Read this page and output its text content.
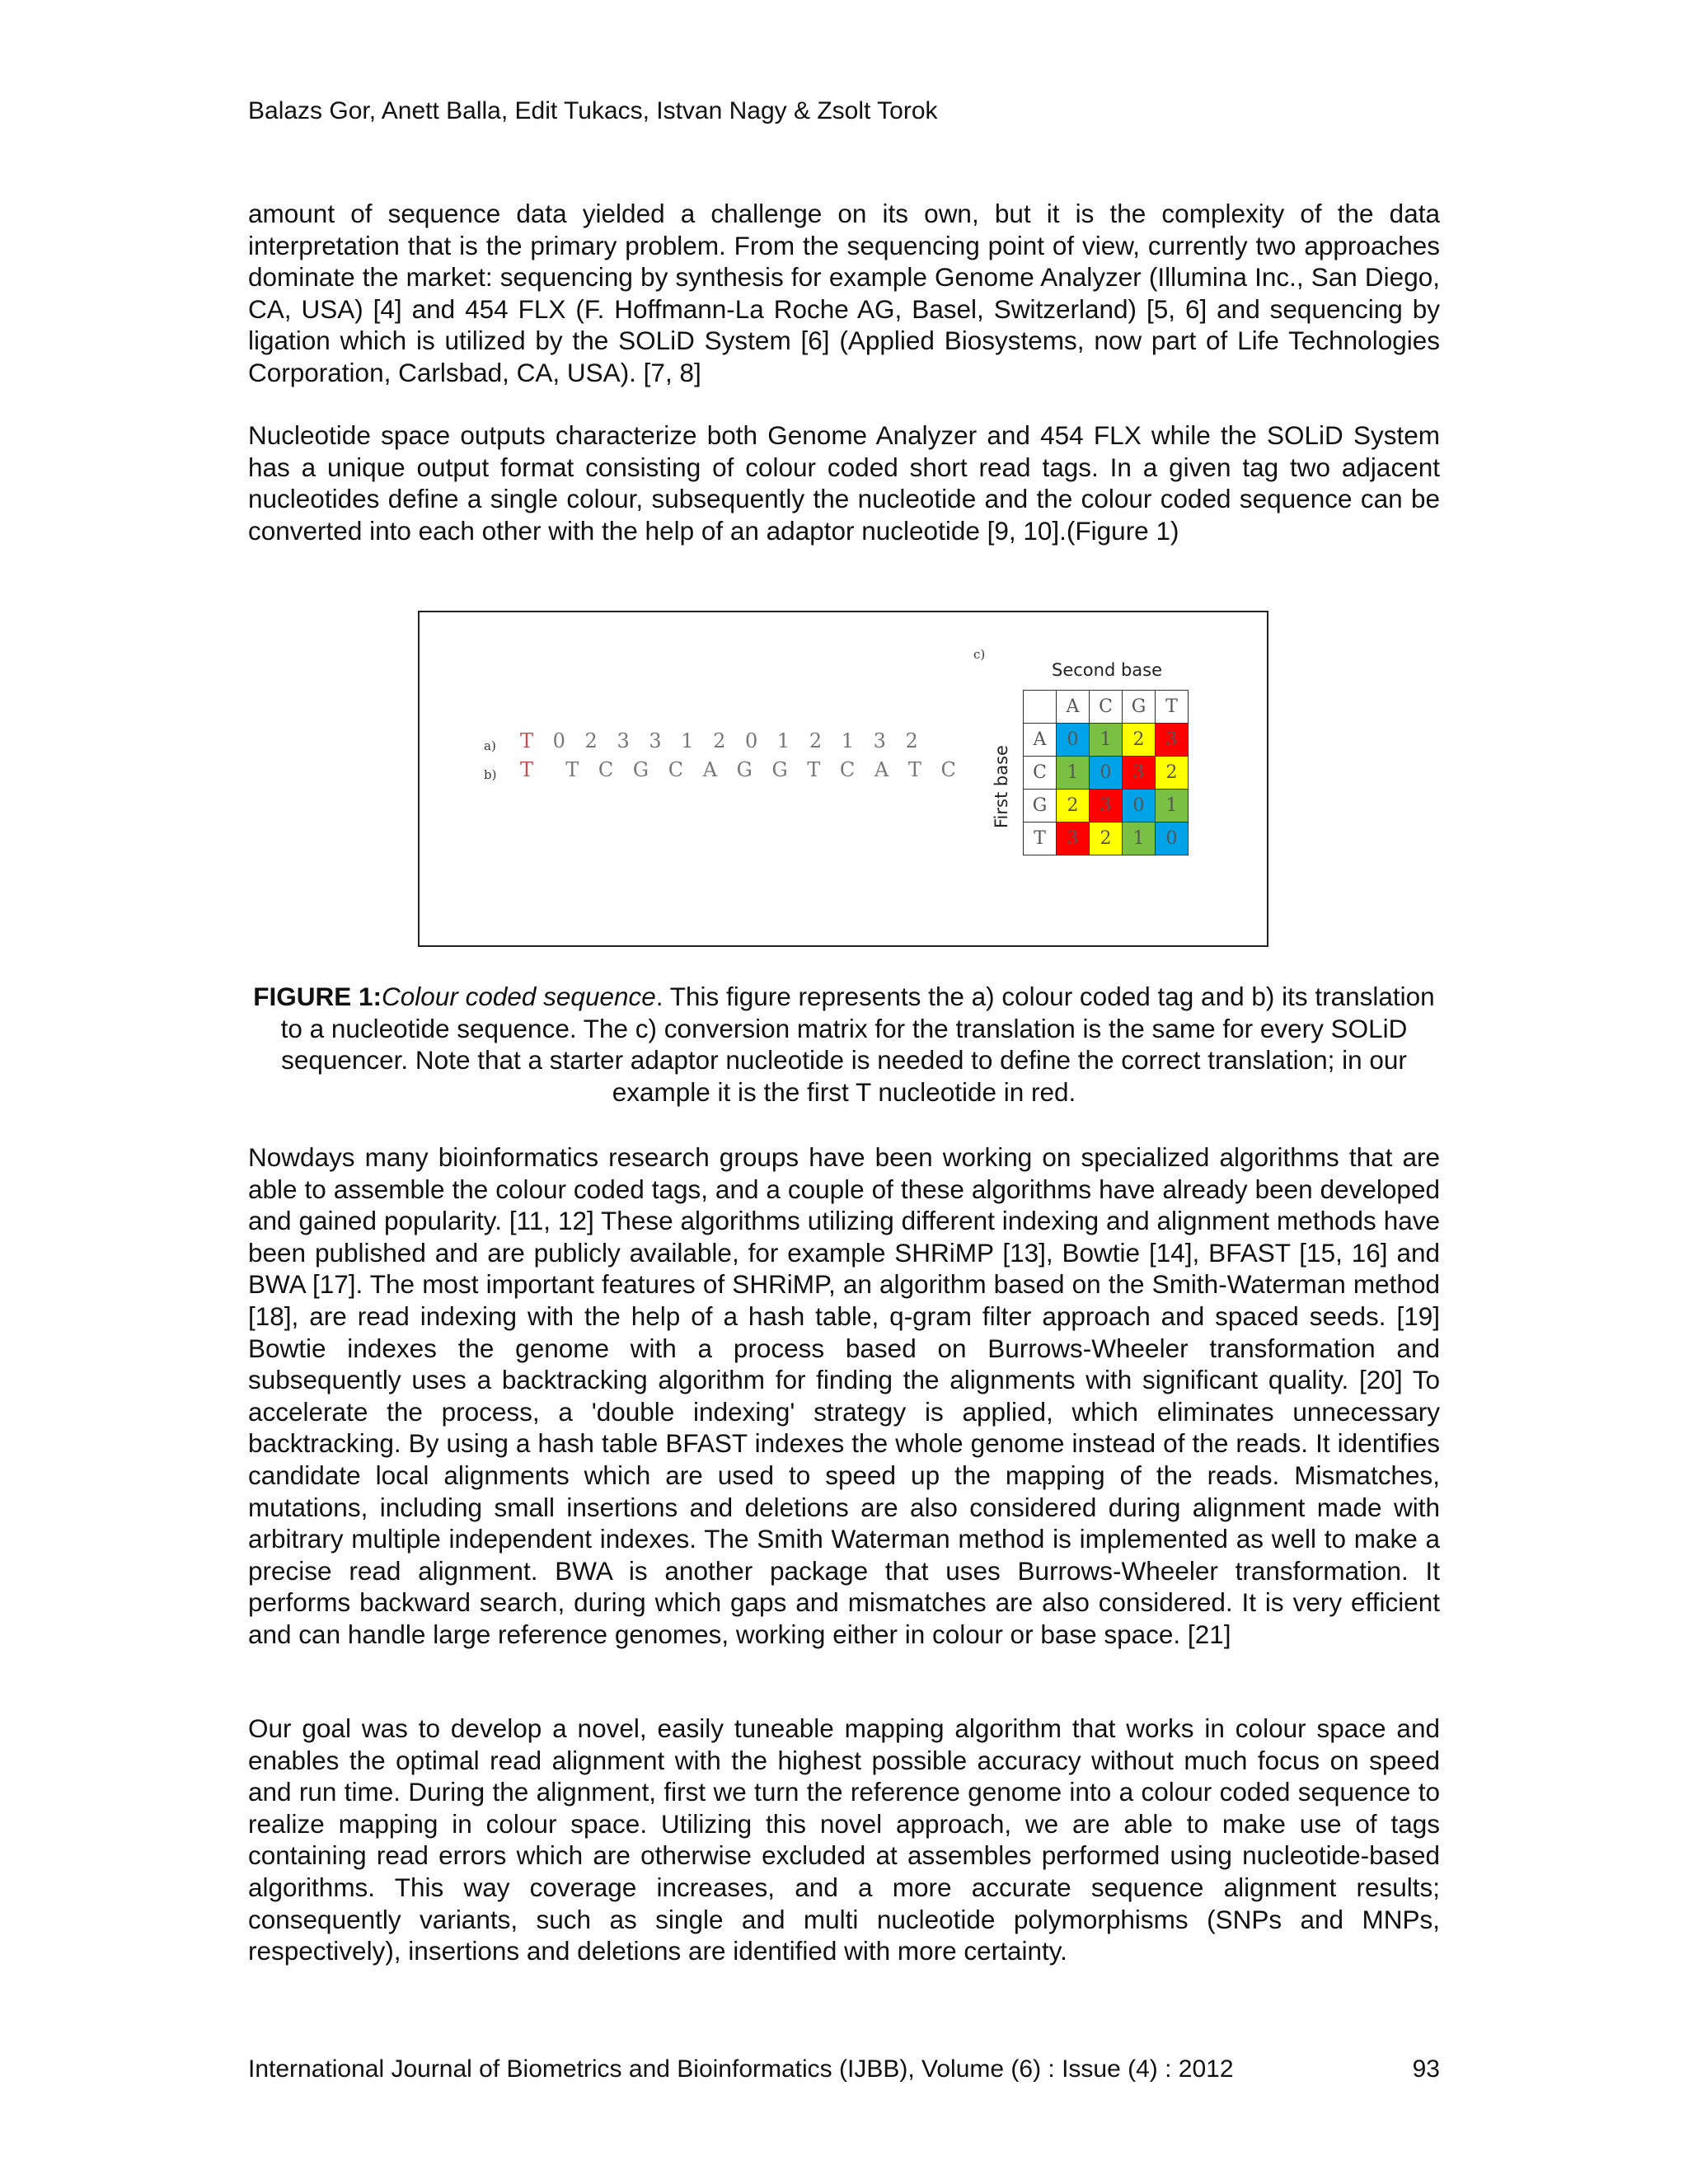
Balazs Gor, Anett Balla, Edit Tukacs, Istvan Nagy & Zsolt Torok

amount of sequence data yielded a challenge on its own, but it is the complexity of the data interpretation that is the primary problem. From the sequencing point of view, currently two approaches dominate the market: sequencing by synthesis for example Genome Analyzer (Illumina Inc., San Diego, CA, USA) [4] and 454 FLX (F. Hoffmann-La Roche AG, Basel, Switzerland) [5, 6] and sequencing by ligation which is utilized by the SOLiD System [6] (Applied Biosystems, now part of Life Technologies Corporation, Carlsbad, CA, USA). [7, 8]

Nucleotide space outputs characterize both Genome Analyzer and 454 FLX while the SOLiD System has a unique output format consisting of colour coded short read tags. In a given tag two adjacent nucleotides define a single colour, subsequently the nucleotide and the colour coded sequence can be converted into each other with the help of an adaptor nucleotide [9, 10].(Figure 1)

a) T 0 2 3 3 1 2 0 1 2 1 3 2
b) T  T C G C A G G T C A T C
c)
Second base
First base
	A	C	G	T
A	0	1	2	3
C	1	0	3	2
G	2	3	0	1
T	3	2	1	0

FIGURE 1:Colour coded sequence. This figure represents the a) colour coded tag and b) its translation to a nucleotide sequence. The c) conversion matrix for the translation is the same for every SOLiD sequencer. Note that a starter adaptor nucleotide is needed to define the correct translation; in our example it is the first T nucleotide in red.

Nowdays many bioinformatics research groups have been working on specialized algorithms that are able to assemble the colour coded tags, and a couple of these algorithms have already been developed and gained popularity. [11, 12] These algorithms utilizing different indexing and alignment methods have been published and are publicly available, for example SHRiMP [13], Bowtie [14], BFAST [15, 16] and BWA [17]. The most important features of SHRiMP, an algorithm based on the Smith-Waterman method [18], are read indexing with the help of a hash table, q-gram filter approach and spaced seeds. [19] Bowtie indexes the genome with a process based on Burrows-Wheeler transformation and subsequently uses a backtracking algorithm for finding the alignments with significant quality. [20] To accelerate the process, a 'double indexing' strategy is applied, which eliminates unnecessary backtracking. By using a hash table BFAST indexes the whole genome instead of the reads. It identifies candidate local alignments which are used to speed up the mapping of the reads. Mismatches, mutations, including small insertions and deletions are also considered during alignment made with arbitrary multiple independent indexes. The Smith Waterman method is implemented as well to make a precise read alignment. BWA is another package that uses Burrows-Wheeler transformation. It performs backward search, during which gaps and mismatches are also considered. It is very efficient and can handle large reference genomes, working either in colour or base space. [21]

Our goal was to develop a novel, easily tuneable mapping algorithm that works in colour space and enables the optimal read alignment with the highest possible accuracy without much focus on speed and run time. During the alignment, first we turn the reference genome into a colour coded sequence to realize mapping in colour space. Utilizing this novel approach, we are able to make use of tags containing read errors which are otherwise excluded at assembles performed using nucleotide-based algorithms. This way coverage increases, and a more accurate sequence alignment results; consequently variants, such as single and multi nucleotide polymorphisms (SNPs and MNPs, respectively), insertions and deletions are identified with more certainty.

International Journal of Biometrics and Bioinformatics (IJBB), Volume (6) : Issue (4) : 2012	93
